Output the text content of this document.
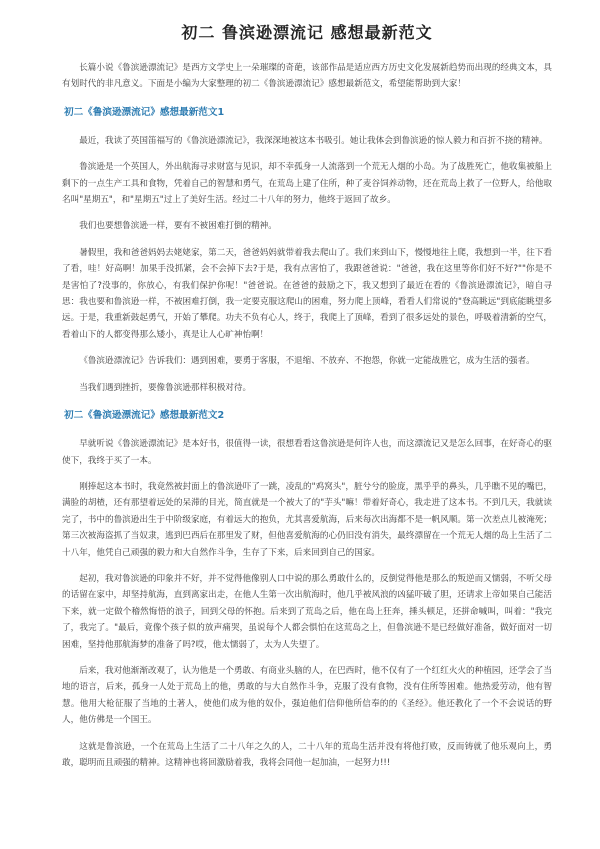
初二 鲁滨逊漂流记 感想最新范文

长篇小说《鲁滨逊漂流记》是西方文学史上一朵璀璨的奇葩，该部作品是适应西方历史文化发展新趋势而出现的经典文本，具有划时代的非凡意义。下面是小编为大家整理的初二《鲁滨逊漂流记》感想最新范文，希望能帮助到大家！

初二《鲁滨逊漂流记》感想最新范文1

最近，我读了英国笛福写的《鲁滨逊漂流记》，我深深地被这本书吸引。她让我体会到鲁滨逊的惊人毅力和百折不挠的精神。

鲁滨逊是一个英国人，外出航海寻求财富与见识，却不幸孤身一人流落到一个荒无人烟的小岛。为了战胜死亡，他收集被船上剩下的一点生产工具和食物，凭着自己的智慧和勇气，在荒岛上建了住所，种了麦谷饲养动物，还在荒岛上救了一位野人，给他取名叫"星期五"，和"星期五"过上了美好生活。经过二十八年的努力，他终于返回了故乡。

我们也要想鲁滨逊一样，要有不被困难打倒的精神。

暑假里，我和爸爸妈妈去姥姥家，第二天，爸爸妈妈就带着我去爬山了。我们来到山下，慢慢地往上爬，我想到一半，往下看了看，哇！好高啊！加果手没抓紧，会不会掉下去?于是，我有点害怕了，我跟爸爸说："爸爸，我在这里等你们好不好?""你是不是害怕了?没事的，你放心，有我们保护你呢！"爸爸说。在爸爸的鼓励之下，我又想到了最近在看的《鲁滨逊漂流记》，暗自寻思：我也要和鲁滨逊一样，不被困难打倒，我一定要克服这爬山的困难，努力爬上顶峰，看看人们常说的"登高眺远"到底能眺望多远。于是，我重新鼓起勇气，开始了攀爬。功夫不负有心人，终于，我爬上了顶峰，看到了很多远处的景色，呼吸着清新的空气，看着山下的人都变得那么矮小，真是让人心旷神怡啊！

《鲁滨逊漂流记》告诉我们：遇到困难，要勇于客服，不退缩、不放弃、不抱怨，你就一定能战胜它，成为生活的强者。

当我们遇到挫折，要像鲁滨逊那样积极对待。

初二《鲁滨逊漂流记》感想最新范文2

早就听说《鲁滨逊漂流记》是本好书，很值得一读，很想看看这鲁滨逊是何许人也，而这漂流记又是怎么回事，在好奇心的驱使下，我终于买了一本。

刚捧起这本书时，我竟然被封面上的鲁滨逊吓了一跳，凌乱的"鸡窝头"，脏兮兮的脸庞，黑乎乎的鼻头，几乎瞧不见的嘴巴，满脸的胡楂，还有那望着远处的呆滞的目光，简直就是一个被大了的"芋头"嘛！带着好奇心，我走进了这本书。不到几天，我就读完了，书中的鲁滨逊出生于中阶级家庭，有着远大的抱负，尤其喜爱航海，后来每次出海都不是一帆风顺。第一次差点儿被淹死；第三次被海盗抓了当奴隶，逃到巴西后在那里发了财，但他喜爱航海的心仍旧没有消失，最终漂留在一个荒无人烟的岛上生活了二十八年，他凭自己顽强的毅力和大自然作斗争，生存了下来，后来回到自己的国家。

起初，我对鲁滨逊的印象并不好，并不觉得他像别人口中说的那么勇敢什么的，反倒觉得他是那么的叛逆而又懦弱，不听父母的话留在家中，却坚持航海，直到离家出走，在他人生第一次出航海时，他几乎被风浪的凶猛吓破了胆，还请求上帝如果自己能活下来，就一定做个稽然悔悟的浪子，回到父母的怀抱。后来到了荒岛之后，他在岛上狂奔，捶头顿足，还拼命喊叫，叫着："我完了，我完了。"最后，竟像个孩子似的放声痛哭，虽说每个人都会惧怕在这荒岛之上，但鲁滨逊不是已经做好准备，做好面对一切困难，坚持他那航海梦的准备了吗?哎，他太懦弱了，太为人失望了。

后来，我对他渐渐改观了，认为他是一个勇敢、有商业头脑的人，在巴西时，他不仅有了一个红红火火的种植园，还学会了当地的语言，后来，孤身一人处于荒岛上的他，勇敢的与大自然作斗争，克服了没有食物，没有住所等困难。他热爱劳动，他有智慧。他用大枪征服了当地的土著人，使他们成为他的奴仆，强迫他们信仰他所信奉的的《圣经》。他还教化了一个不会说话的野人，他仿佛是一个国王。

这就是鲁滨逊，一个在荒岛上生活了二十八年之久的人，二十八年的荒岛生活并没有将他打败，反而铸就了他乐观向上，勇敢，聪明而且顽强的精神。这精神也将回激励着我，我将会同他一起加油，一起努力!!!
